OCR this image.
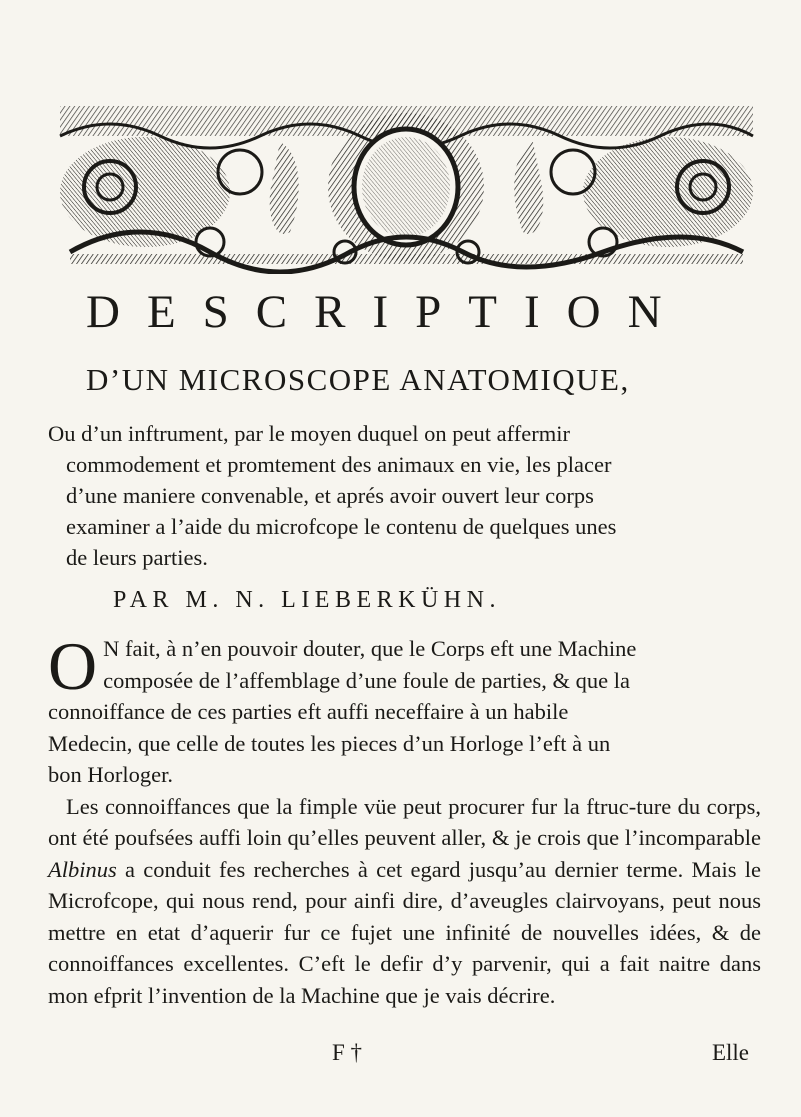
DESCRIPTION
D’UN MICROSCOPE ANATOMIQUE,

Ou d’un inftrument, par le moyen duquel on peut affermir

commodement et promtement des animaux en vie, les placer

d’une maniere convenable, et aprés avoir ouvert leur corps

examiner a l’aide du microfcope le contenu de quelques unes

de leurs parties.

PAR M. N. LIEBERKÜHN.
O N fait, à n’en pouvoir douter, que le Corps eft une Machine

composée de l’affemblage d’une foule de parties, & que la

connoiffance de ces parties eft auffi neceffaire à un habile

Medecin, que celle de toutes les pieces d’un Horloge l’eft à un

bon Horloger.

Les connoiffances que la fimple vüe peut procurer fur la ftruc-ture du corps, ont été poufsées auffi loin qu’elles peuvent aller, & je crois que l’incomparable Albinus a conduit fes recherches à cet egard jusqu’au dernier terme. Mais le Microfcope, qui nous rend, pour ainfi dire, d’aveugles clairvoyans, peut nous mettre en etat d’aquerir fur ce fujet une infinité de nouvelles idées, & de connoiffances excellentes. C’eft le defir d’y parvenir, qui a fait naitre dans mon efprit l’invention de la Machine que je vais décrire.

F †	Elle
